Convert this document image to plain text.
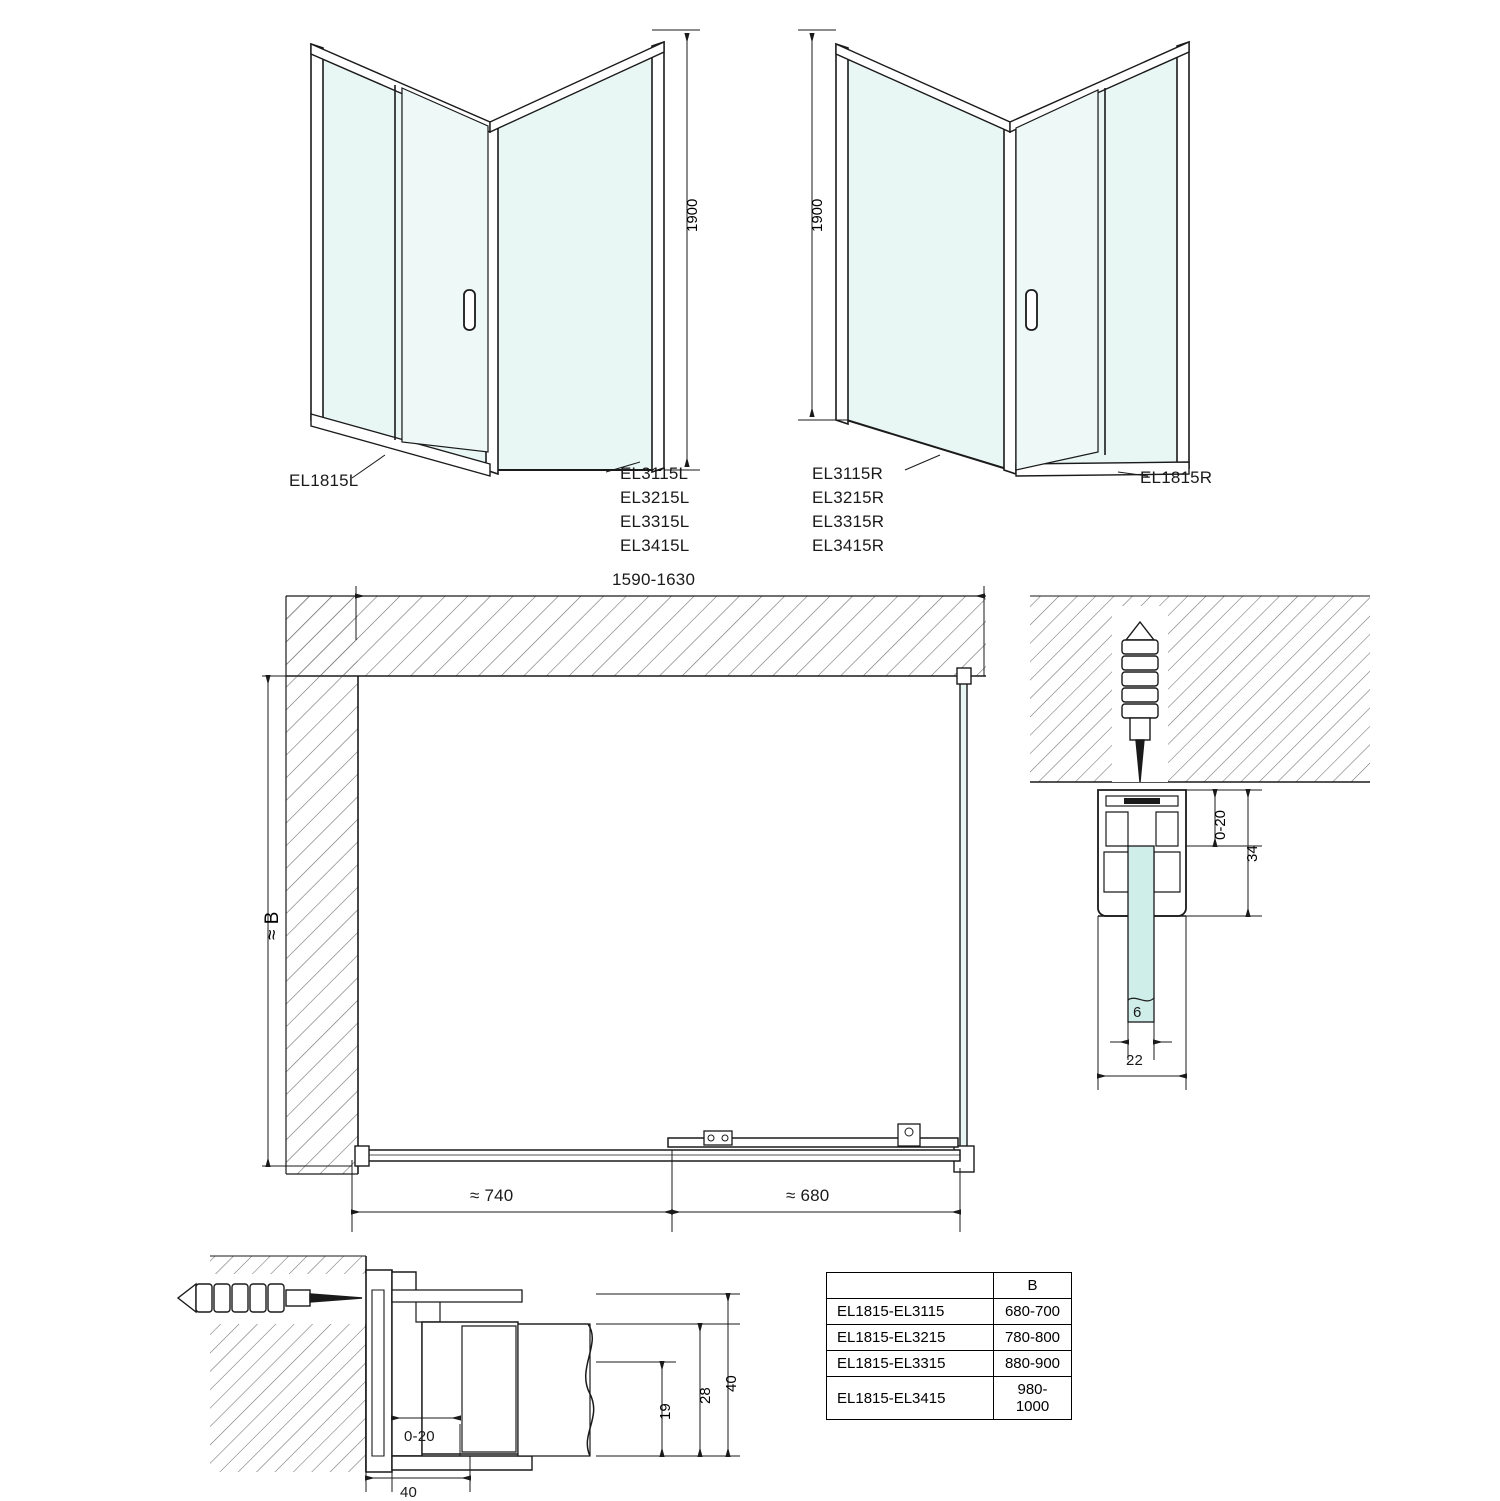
EL1815L	EL3115L
EL3215L
EL3315L
EL3415L
EL3115R
EL3215R
EL3315R
EL3415R
EL1815R
1900	1900
1590-1630
≈ B
≈ 740	≈ 680
0-20
34
6
22
0-20
40
40
28
19
	B
EL1815-EL3115	680-700
EL1815-EL3215	780-800
EL1815-EL3315	880-900
EL1815-EL3415	980-1000
